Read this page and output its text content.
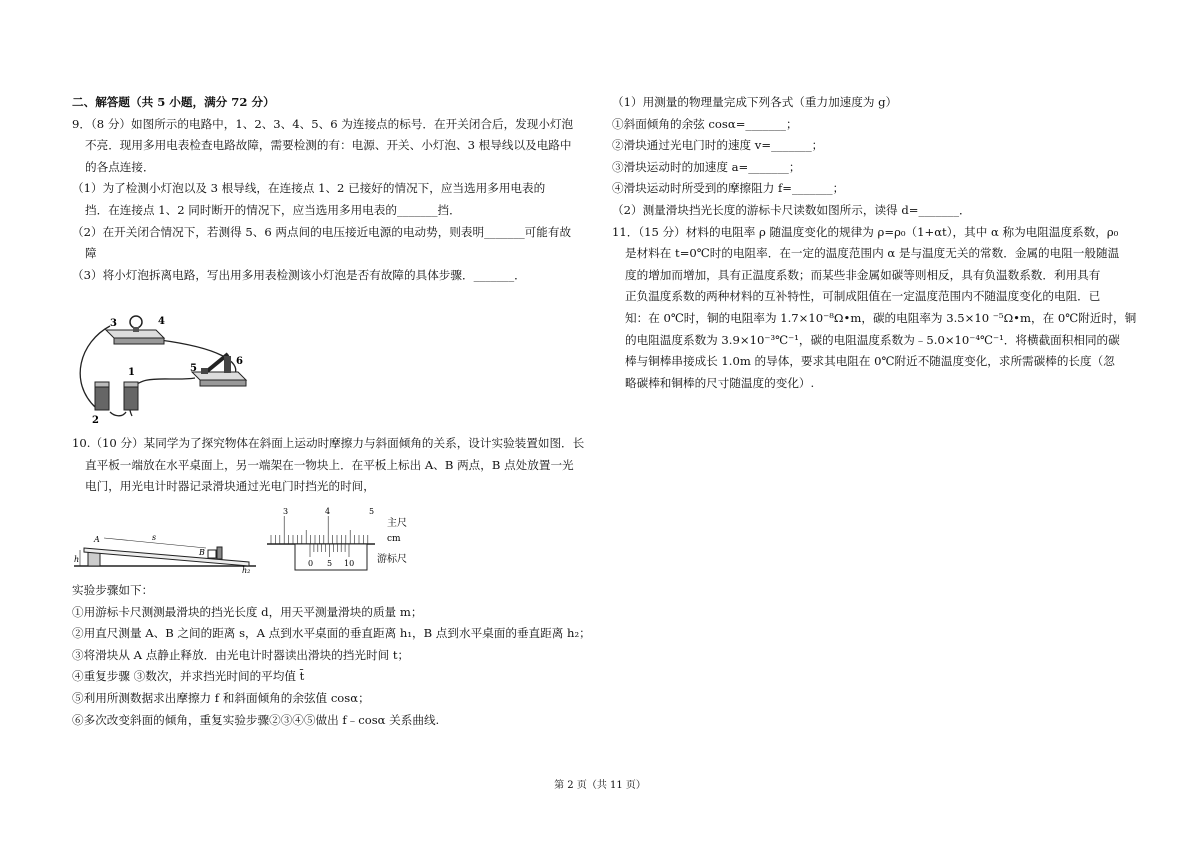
二、解答题（共 5 小题，满分 72 分）
9．（8 分）如图所示的电路中，1、2、3、4、5、6 为连接点的标号．在开关闭合后，发现小灯泡
不亮．现用多用电表检查电路故障，需要检测的有：电源、开关、小灯泡、3 根导线以及电路中
的各点连接．
（1）为了检测小灯泡以及 3 根导线，在连接点 1、2 已接好的情况下，应当选用多用电表的
挡．在连接点 1、2 同时断开的情况下，应当选用多用电表的_______挡．
（2）在开关闭合情况下，若测得 5、6 两点间的电压接近电源的电动势，则表明_______可能有故
障
（3）将小灯泡拆离电路，写出用多用表检测该小灯泡是否有故障的具体步骤．_______．
3	4
5
6
1
2
10.（10 分）某同学为了探究物体在斜面上运动时摩擦力与斜面倾角的关系，设计实验装置如图．长
直平板一端放在水平桌面上，另一端架在一物块上．在平板上标出 A、B 两点，B 点处放置一光
电门，用光电计时器记录滑块通过光电门时挡光的时间，
A
B
s
h
h₂
3	4	5
0 5 10
主尺
cm
游标尺
实验步骤如下：
①用游标卡尺测测最滑块的挡光长度 d，用天平测量滑块的质量 m；
②用直尺测量 A、B 之间的距离 s，A 点到水平桌面的垂直距离 h₁，B 点到水平桌面的垂直距离 h₂；
③将滑块从 A 点静止释放．由光电计时器读出滑块的挡光时间 t；
④重复步骤 ③数次，并求挡光时间的平均值 t̄
⑤利用所测数据求出摩擦力 f 和斜面倾角的余弦值 cosα；
⑥多次改变斜面的倾角，重复实验步骤②③④⑤做出 f﹣cosα 关系曲线.
（1）用测量的物理量完成下列各式（重力加速度为 g）
①斜面倾角的余弦 cosα=_______；
②滑块通过光电门时的速度 v=_______；
③滑块运动时的加速度 a=_______；
④滑块运动时所受到的摩擦阻力 f=_______；
（2）测量滑块挡光长度的游标卡尺读数如图所示，读得 d=_______．
11．（15 分）材料的电阻率 ρ 随温度变化的规律为 ρ=ρ₀（1+αt），其中 α 称为电阻温度系数，ρ₀
是材料在 t=0℃时的电阻率．在一定的温度范围内 α 是与温度无关的常数．金属的电阻一般随温
度的增加而增加，具有正温度系数；而某些非金属如碳等则相反，具有负温数系数．利用具有
正负温度系数的两种材料的互补特性，可制成阻值在一定温度范围内不随温度变化的电阻．已
知：在 0℃时，铜的电阻率为 1.7×10⁻⁸Ω•m，碳的电阻率为 3.5×10 ⁻⁵Ω•m，在 0℃附近时，铜
的电阻温度系数为 3.9×10⁻³℃⁻¹，碳的电阻温度系数为﹣5.0×10⁻⁴℃⁻¹．将横截面积相同的碳
棒与铜棒串接成长 1.0m 的导体，要求其电阻在 0℃附近不随温度变化，求所需碳棒的长度（忽
略碳棒和铜棒的尺寸随温度的变化）.
第 2 页（共 11 页）
